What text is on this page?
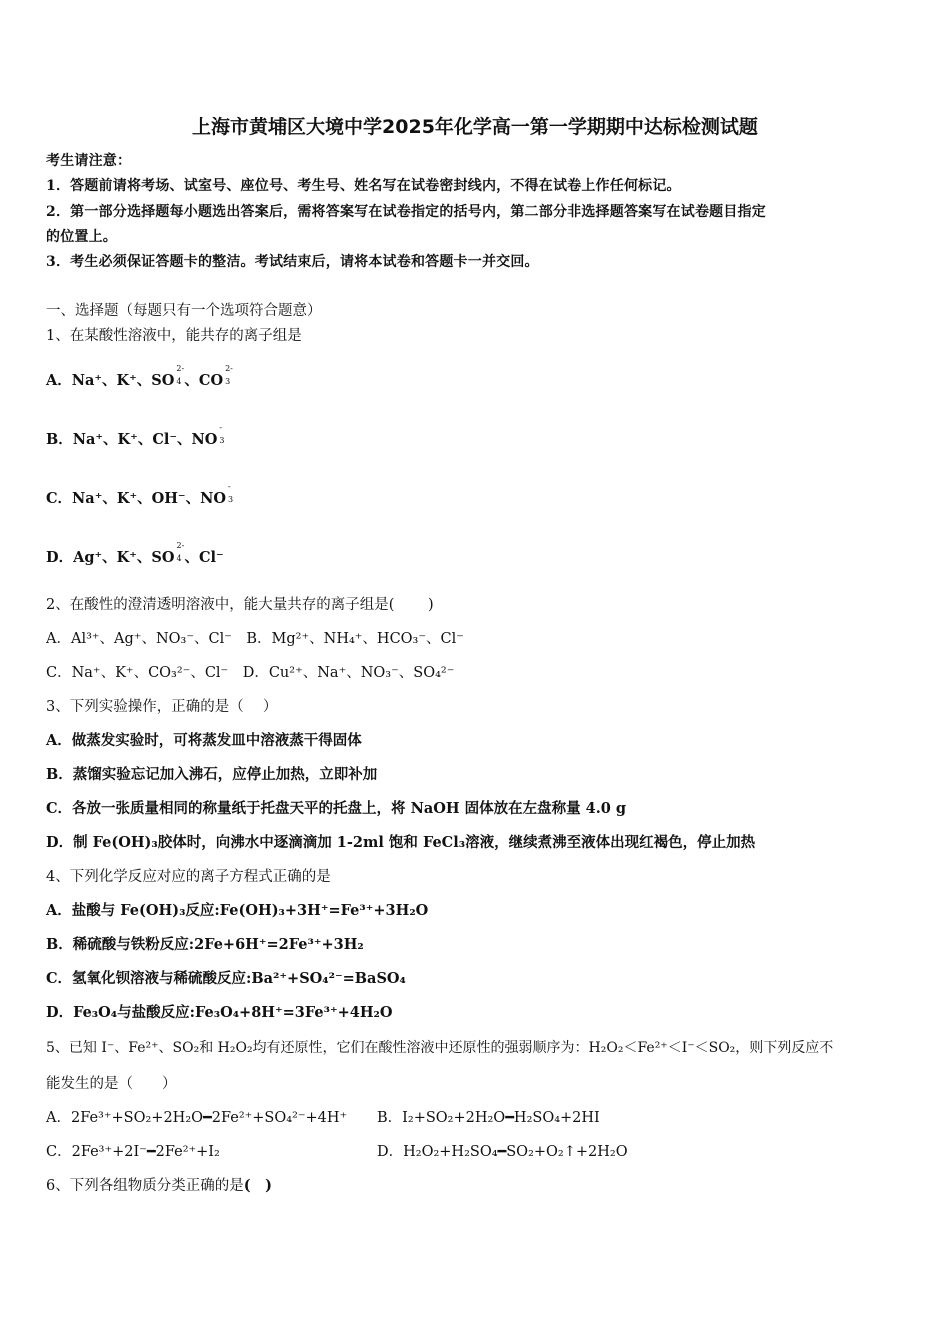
上海市黄埔区大境中学2025年化学高一第一学期期中达标检测试题
考生请注意：
1．答题前请将考场、试室号、座位号、考生号、姓名写在试卷密封线内，不得在试卷上作任何标记。
2．第一部分选择题每小题选出答案后，需将答案写在试卷指定的括号内，第二部分非选择题答案写在试卷题目指定
的位置上。
3．考生必须保证答题卡的整洁。考试结束后，请将本试卷和答题卡一并交回。
一、选择题（每题只有一个选项符合题意）
1、在某酸性溶液中，能共存的离子组是
A．Na⁺、K⁺、SO
2-
4 、CO
2-
3
B．Na⁺、K⁺、Cl⁻、NO
-
3
C．Na⁺、K⁺、OH⁻、NO
-
3
D．Ag⁺、K⁺、SO
2-
4 、Cl⁻
2、在酸性的澄清透明溶液中，能大量共存的离子组是(　　 )
A．Al³⁺、Ag⁺、NO₃⁻、Cl⁻　B．Mg²⁺、NH₄⁺、HCO₃⁻、Cl⁻
C．Na⁺、K⁺、CO₃²⁻、Cl⁻　D．Cu²⁺、Na⁺、NO₃⁻、SO₄²⁻
3、下列实验操作，正确的是（　 ）
A．做蒸发实验时，可将蒸发皿中溶液蒸干得固体
B．蒸馏实验忘记加入沸石，应停止加热，立即补加
C．各放一张质量相同的称量纸于托盘天平的托盘上，将 NaOH 固体放在左盘称量 4.0 g
D．制 Fe(OH)₃胶体时，向沸水中逐滴滴加 1-2ml 饱和 FeCl₃溶液，继续煮沸至液体出现红褐色，停止加热
4、下列化学反应对应的离子方程式正确的是
A．盐酸与 Fe(OH)₃反应:Fe(OH)₃+3H⁺=Fe³⁺+3H₂O
B．稀硫酸与铁粉反应:2Fe+6H⁺=2Fe³⁺+3H₂
C．氢氧化钡溶液与稀硫酸反应:Ba²⁺+SO₄²⁻=BaSO₄
D．Fe₃O₄与盐酸反应:Fe₃O₄+8H⁺=3Fe³⁺+4H₂O
5、已知 I⁻、Fe²⁺、SO₂和 H₂O₂均有还原性，它们在酸性溶液中还原性的强弱顺序为：H₂O₂＜Fe²⁺＜I⁻＜SO₂，则下列反应不
能发生的是（　　）
A．2Fe³⁺+SO₂+2H₂O━2Fe²⁺+SO₄²⁻+4H⁺ B．I₂+SO₂+2H₂O━H₂SO₄+2HI
C．2Fe³⁺+2I⁻━2Fe²⁺+I₂	D．H₂O₂+H₂SO₄━SO₂+O₂↑+2H₂O
6、下列各组物质分类正确的是(　)
